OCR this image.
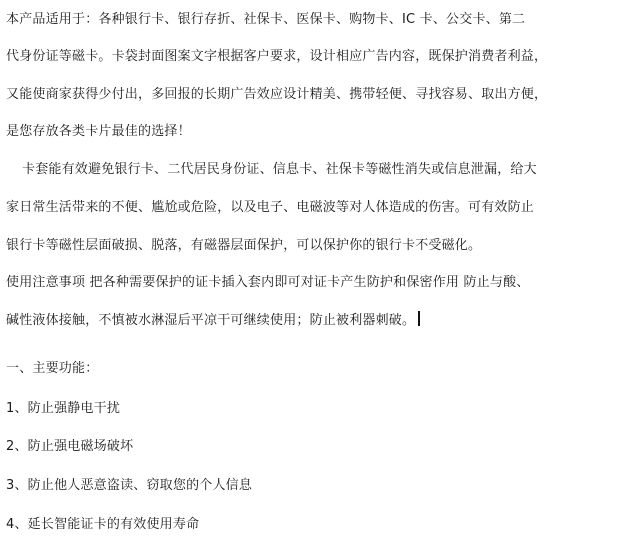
本产品适用于：各种银行卡、银行存折、社保卡、医保卡、购物卡、IC 卡、公交卡、第二
代身份证等磁卡。卡袋封面图案文字根据客户要求，设计相应广告内容，既保护消费者利益，
又能使商家获得少付出，多回报的长期广告效应设计精美、携带轻便、寻找容易、取出方便，
是您存放各类卡片最佳的选择！
卡套能有效避免银行卡、二代居民身份证、信息卡、社保卡等磁性消失或信息泄漏，给大
家日常生活带来的不便、尴尬或危险，以及电子、电磁波等对人体造成的伤害。可有效防止
银行卡等磁性层面破损、脱落，有磁器层面保护，可以保护你的银行卡不受磁化。
使用注意事项 把各种需要保护的证卡插入套内即可对证卡产生防护和保密作用 防止与酸、
碱性液体接触，不慎被水淋湿后平凉干可继续使用；防止被利器刺破。
一、主要功能：
1、防止强静电干扰
2、防止强电磁场破坏
3、防止他人恶意盗读、窃取您的个人信息
4、延长智能证卡的有效使用寿命
